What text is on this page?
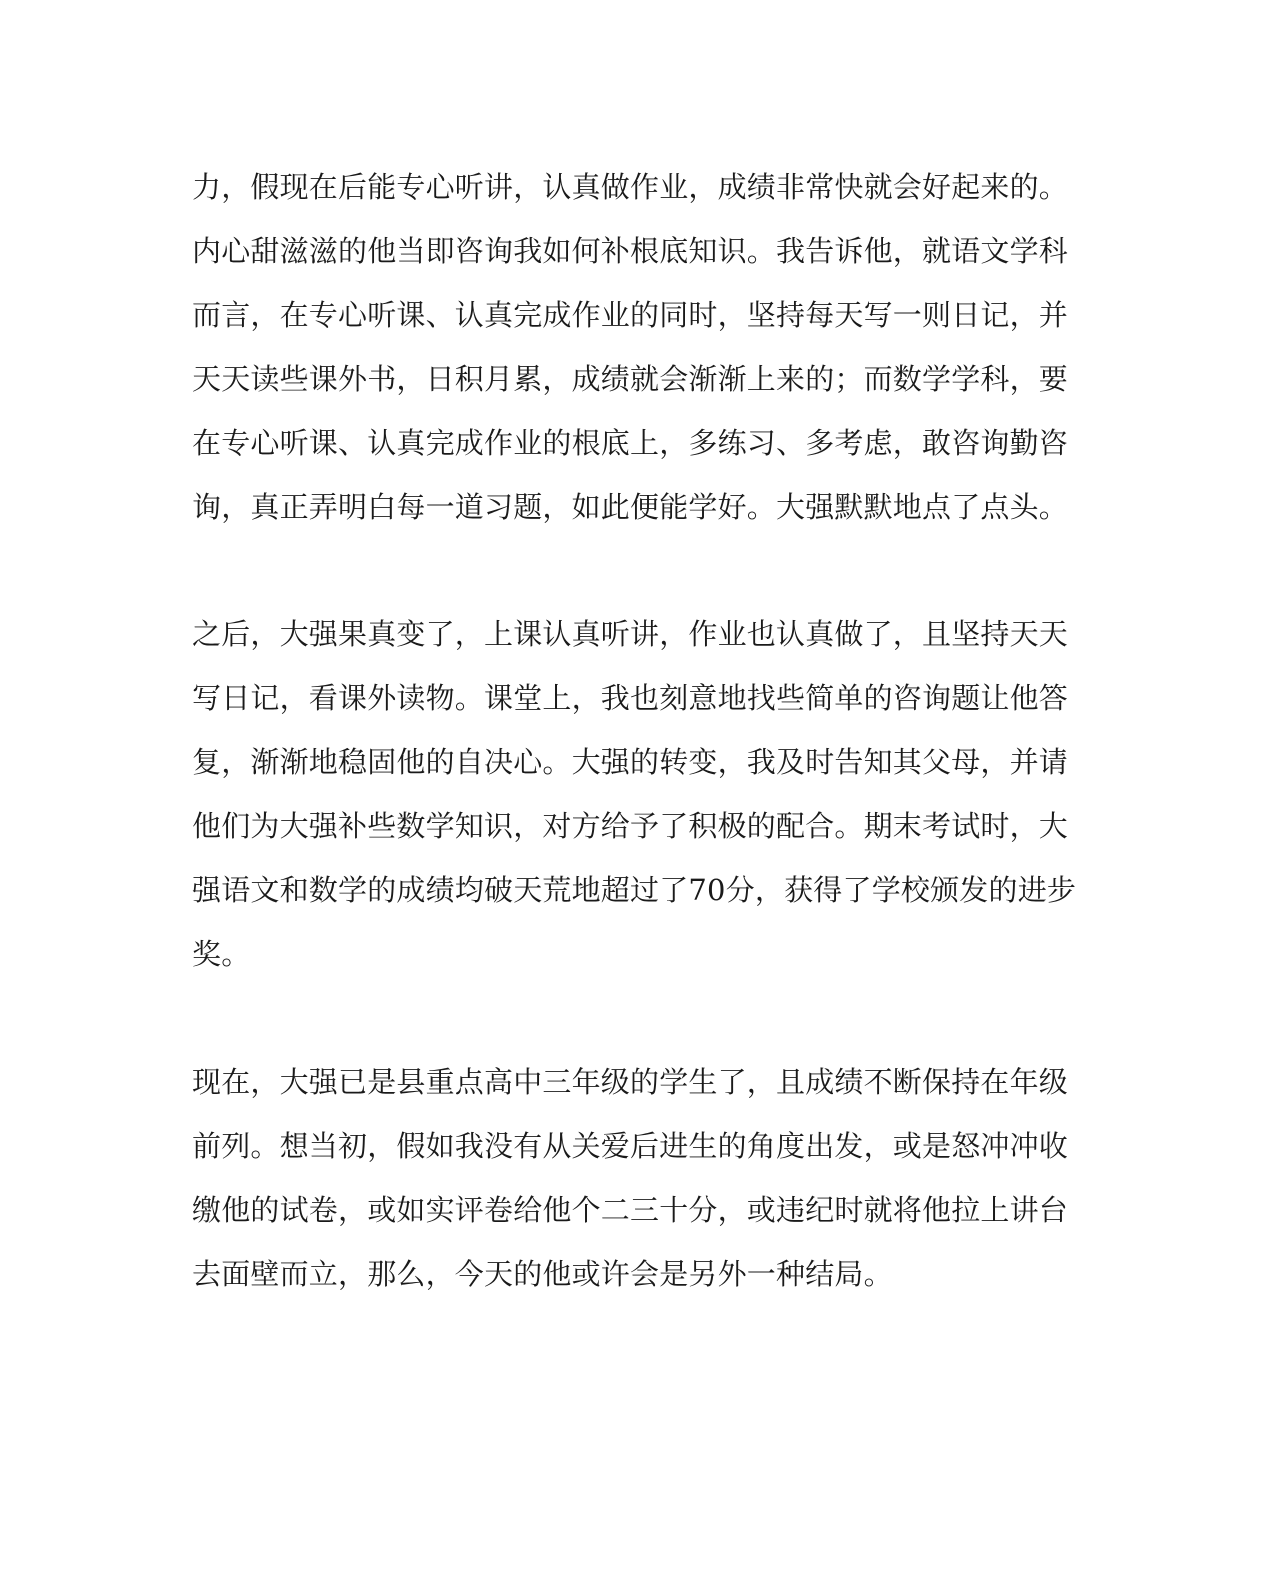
力，假现在后能专心听讲，认真做作业，成绩非常快就会好起来的。
内心甜滋滋的他当即咨询我如何补根底知识。我告诉他，就语文学科
而言，在专心听课、认真完成作业的同时，坚持每天写一则日记，并
天天读些课外书，日积月累，成绩就会渐渐上来的；而数学学科，要
在专心听课、认真完成作业的根底上，多练习、多考虑，敢咨询勤咨
询，真正弄明白每一道习题，如此便能学好。大强默默地点了点头。
之后，大强果真变了，上课认真听讲，作业也认真做了，且坚持天天
写日记，看课外读物。课堂上，我也刻意地找些简单的咨询题让他答
复，渐渐地稳固他的自决心。大强的转变，我及时告知其父母，并请
他们为大强补些数学知识，对方给予了积极的配合。期末考试时，大
强语文和数学的成绩均破天荒地超过了70分，获得了学校颁发的进步
奖。
现在，大强已是县重点高中三年级的学生了，且成绩不断保持在年级
前列。想当初，假如我没有从关爱后进生的角度出发，或是怒冲冲收
缴他的试卷，或如实评卷给他个二三十分，或违纪时就将他拉上讲台
去面壁而立，那么，今天的他或许会是另外一种结局。
